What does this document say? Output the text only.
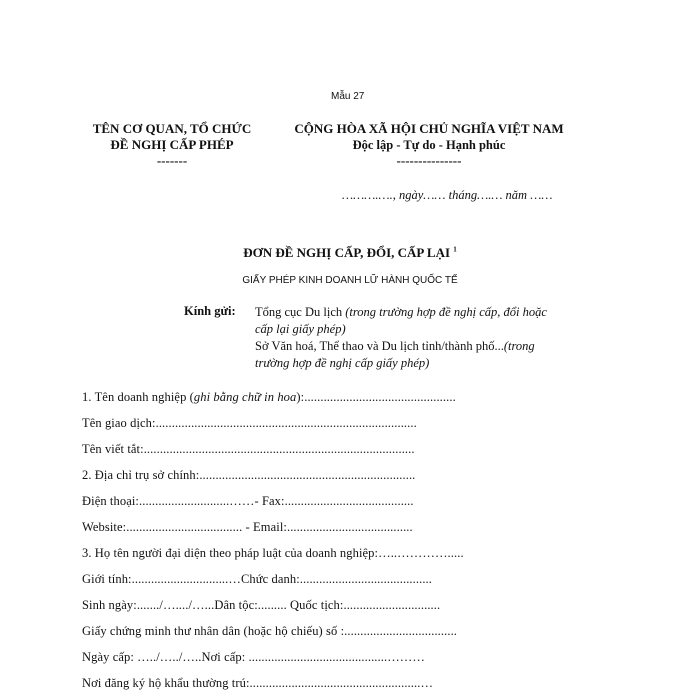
Mẫu 27
TÊN CƠ QUAN, TỔ CHỨC
ĐỀ NGHỊ CẤP PHÉP
-------
CỘNG HÒA XÃ HỘI CHỦ NGHĨA VIỆT NAM
Độc lập - Tự do - Hạnh phúc
---------------
……….…., ngày…… tháng….… năm ……
ĐƠN ĐỀ NGHỊ CẤP, ĐỔI, CẤP LẠI $^1$
GIẤY PHÉP KINH DOANH LỮ HÀNH QUỐC TẾ
Kính gửi: Tổng cục Du lịch (trong trường hợp đề nghị cấp, đổi hoặc
cấp lại giấy phép)
Sở Văn hoá, Thể thao và Du lịch tỉnh/thành phố...(trong
trường hợp đề nghị cấp giấy phép)
1. Tên doanh nghiệp (ghi bằng chữ in hoa):...............................................
Tên giao dịch:.................................................................................
Tên viết tắt:....................................................................................
2. Địa chỉ trụ sở chính:...................................................................
Điện thoại:............................……- Fax:........................................
Website:.................................... - Email:.......................................
3. Họ tên người đại diện theo pháp luật của doanh nghiệp:…..………….....
Giới tính:..............................…Chức danh:.........................................
Sinh ngày:......./…..../…...Dân tộc:......... Quốc tịch:..............................
Giấy chứng minh thư nhân dân (hoặc hộ chiếu) số :...................................
Ngày cấp: …../…../…..Nơi cấp: ...........................................………
Nơi đăng ký hộ khẩu thường trú:.....................................................…
